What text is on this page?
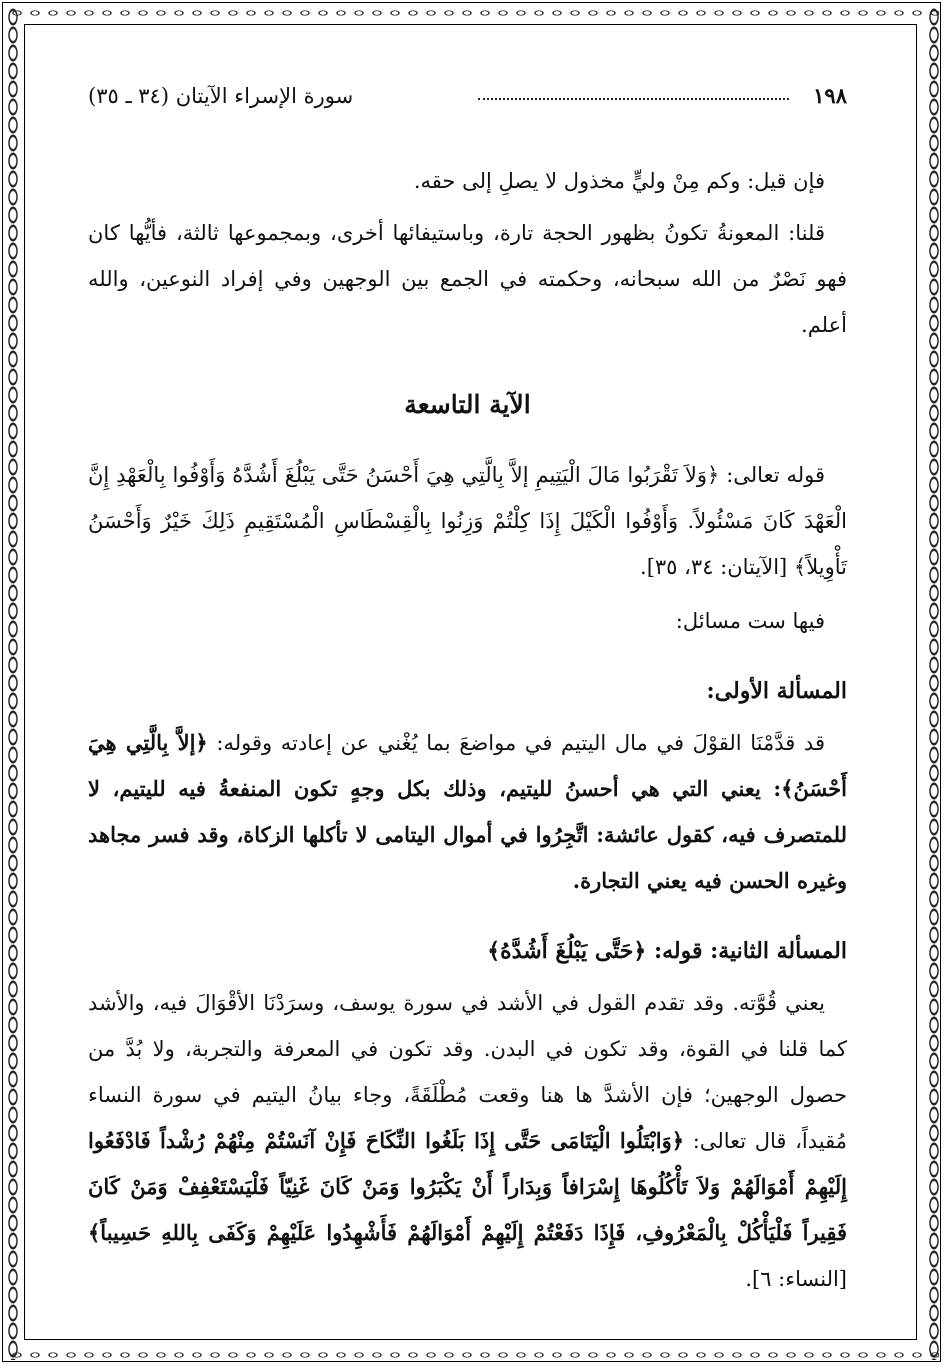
١٩٨
سورة الإسراء الآيتان (٣٤ ـ ٣٥)

فإن قيل: وكم مِنْ وليٍّ مخذول لا يصلِ إلى حقه.

قلنا: المعونةُ تكونُ بظهور الحجة تارة، وباستيفائها أخرى، وبمجموعها ثالثة، فأيُّها كان فهو نَصْرٌ من الله سبحانه، وحكمته في الجمع بين الوجهين وفي إفراد النوعين، والله أعلم.

الآية التاسعة

قوله تعالى: ﴿وَلاَ تَقْرَبُوا مَالَ الْيَتِيمِ إلاَّ بِالَّتِي هِيَ أَحْسَنُ حَتَّى يَبْلُغَ أَشُدَّهُ وَأَوْفُوا بِالْعَهْدِ إِنَّ الْعَهْدَ كَانَ مَسْئُولاً. وَأَوْفُوا الْكَيْلَ إِذَا كِلْتُمْ وَزِنُوا بِالْقِسْطَاسِ الْمُسْتَقِيمِ ذَلِكَ خَيْرٌ وَأَحْسَنُ تَأْوِيلاً﴾ [الآيتان: ٣٤، ٣٥].

فيها ست مسائل:

المسألة الأولى:

قد قدَّمْنَا القوْلَ في مال اليتيم في مواضعَ بما يُغْني عن إعادته وقوله: ﴿إلاَّ بِالَّتِي هِيَ أَحْسَنُ﴾: يعني التي هي أحسنُ لليتيم، وذلك بكل وجهٍ تكون المنفعةُ فيه لليتيم، لا للمتصرف فيه، كقول عائشة: اتَّجِرُوا في أموال اليتامى لا تأكلها الزكاة، وقد فسر مجاهد وغيره الحسن فيه يعني التجارة.

المسألة الثانية: قوله: ﴿حَتَّى يَبْلُغَ أَشُدَّهُ﴾

يعني قُوَّته. وقد تقدم القول في الأشد في سورة يوسف، وسرَدْنَا الأقْوَالَ فيه، والأشد كما قلنا في القوة، وقد تكون في البدن. وقد تكون في المعرفة والتجربة، ولا بُدَّ من حصول الوجهين؛ فإن الأشدَّ ها هنا وقعت مُطْلَقَةً، وجاء بيانُ اليتيم في سورة النساء مُقيداً، قال تعالى: ﴿وَابْتَلُوا الْيَتَامَى حَتَّى إِذَا بَلَغُوا النِّكَاحَ فَإِنْ آنَسْتُمْ مِنْهُمْ رُشْداً فَادْفَعُوا إِلَيْهِمْ أَمْوَالَهُمْ وَلاَ تَأْكُلُوهَا إِسْرَافاً وَبِدَاراً أَنْ يَكْبَرُوا وَمَنْ كَانَ غَنِيّاً فَلْيَسْتَعْفِفْ وَمَنْ كَانَ فَقِيراً فَلْيَأْكُلْ بِالْمَعْرُوفِ، فَإِذَا دَفَعْتُمْ إِلَيْهِمْ أَمْوَالَهُمْ فَأَشْهِدُوا عَلَيْهِمْ وَكَفَى بِاللهِ حَسِيباً﴾ [النساء: ٦].
